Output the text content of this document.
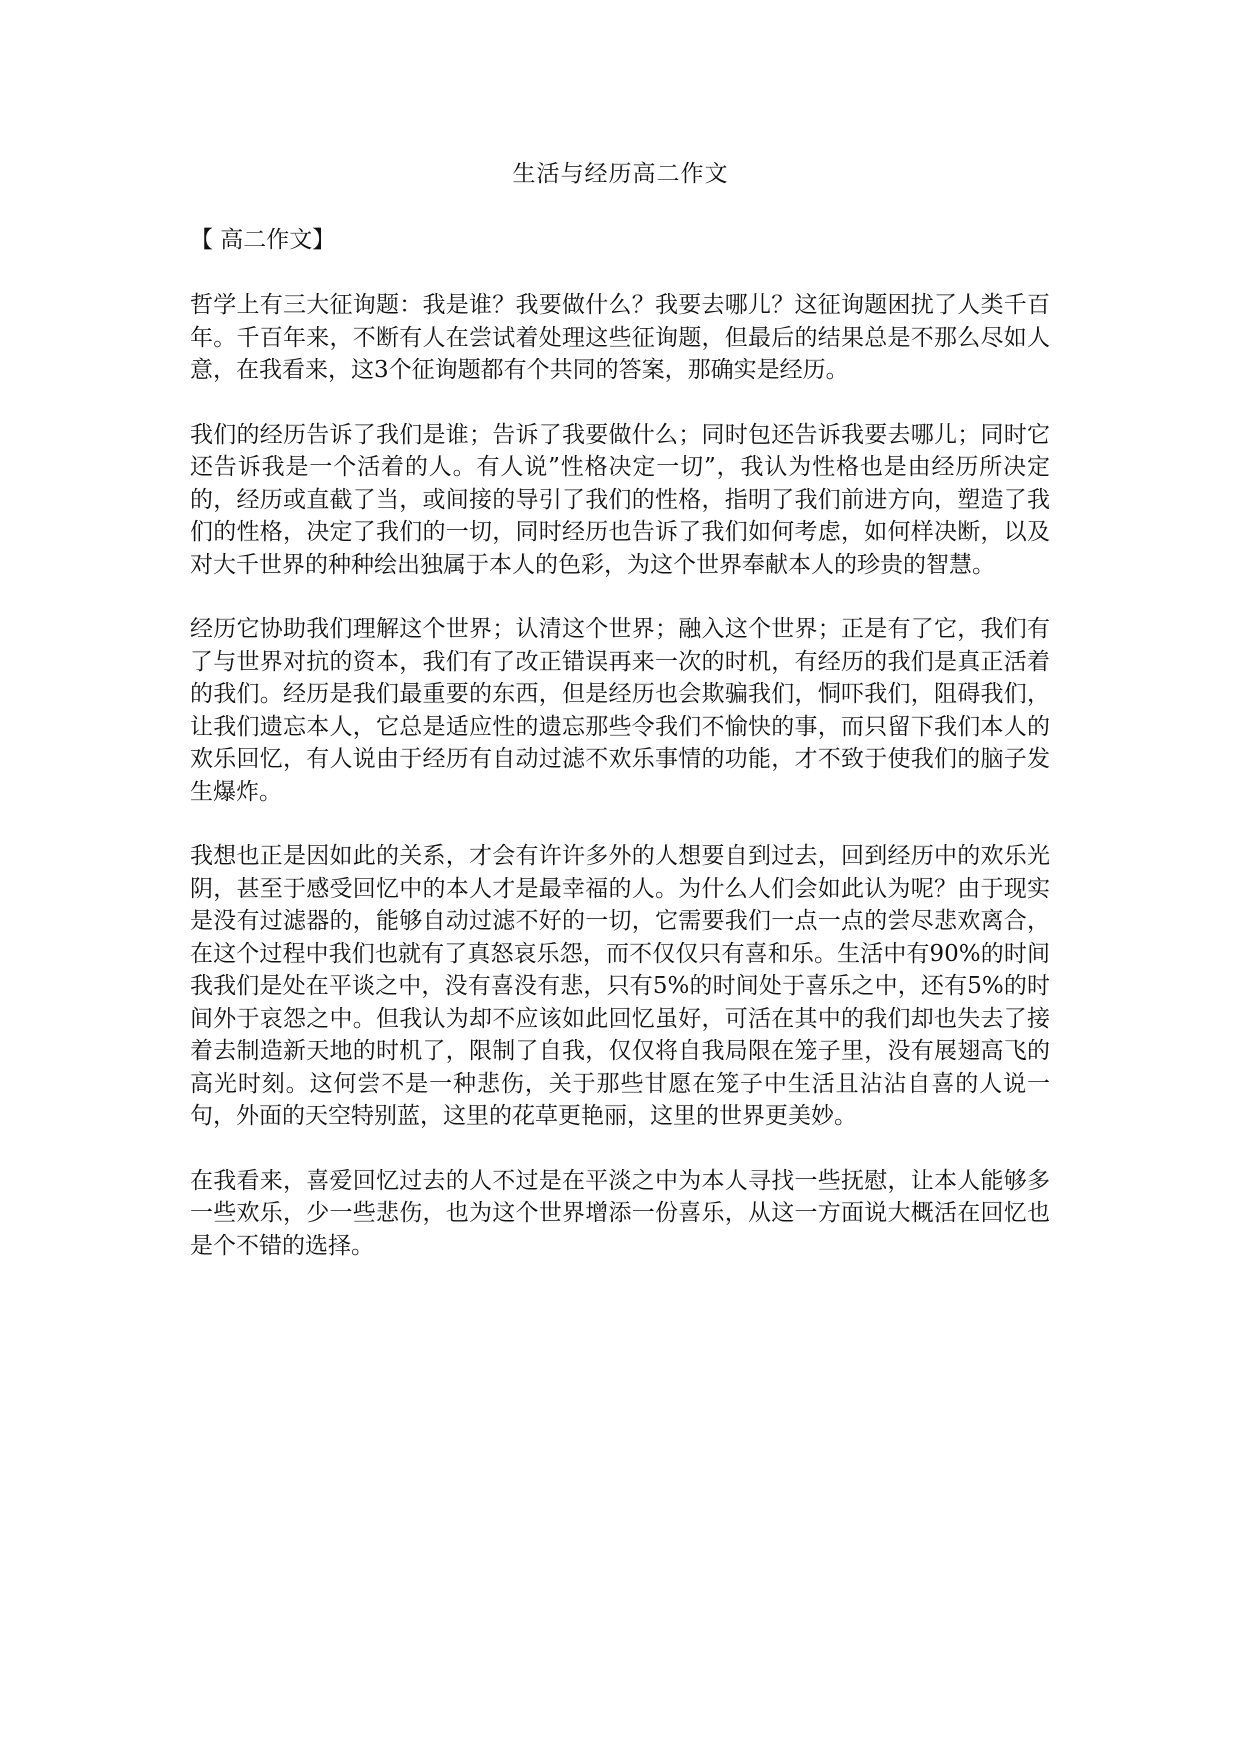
生活与经历高二作文
【 高二作文】

哲学上有三大征询题：我是谁？我要做什么？我要去哪儿？这征询题困扰了人类千百年。千百年来，不断有人在尝试着处理这些征询题，但最后的结果总是不那么尽如人意，在我看来，这3个征询题都有个共同的答案，那确实是经历。

我们的经历告诉了我们是谁；告诉了我要做什么；同时包还告诉我要去哪儿；同时它还告诉我是一个活着的人。有人说”性格决定一切”，我认为性格也是由经历所决定的，经历或直截了当，或间接的导引了我们的性格，指明了我们前进方向，塑造了我们的性格，决定了我们的一切，同时经历也告诉了我们如何考虑，如何样决断，以及对大千世界的种种绘出独属于本人的色彩，为这个世界奉献本人的珍贵的智慧。

经历它协助我们理解这个世界；认清这个世界；融入这个世界；正是有了它，我们有了与世界对抗的资本，我们有了改正错误再来一次的时机，有经历的我们是真正活着的我们。经历是我们最重要的东西，但是经历也会欺骗我们，恫吓我们，阻碍我们，让我们遗忘本人，它总是适应性的遗忘那些令我们不愉快的事，而只留下我们本人的欢乐回忆，有人说由于经历有自动过滤不欢乐事情的功能，才不致于使我们的脑子发生爆炸。

我想也正是因如此的关系，才会有许许多外的人想要自到过去，回到经历中的欢乐光阴，甚至于感受回忆中的本人才是最幸福的人。为什么人们会如此认为呢？由于现实是没有过滤器的，能够自动过滤不好的一切，它需要我们一点一点的尝尽悲欢离合，在这个过程中我们也就有了真怒哀乐怨，而不仅仅只有喜和乐。生活中有90%的时间我我们是处在平谈之中，没有喜没有悲，只有5%的时间处于喜乐之中，还有5%的时间外于哀怨之中。但我认为却不应该如此回忆虽好，可活在其中的我们却也失去了接着去制造新天地的时机了，限制了自我，仅仅将自我局限在笼子里，没有展翅高飞的高光时刻。这何尝不是一种悲伤，关于那些甘愿在笼子中生活且沾沾自喜的人说一句，外面的天空特别蓝，这里的花草更艳丽，这里的世界更美妙。

在我看来，喜爱回忆过去的人不过是在平淡之中为本人寻找一些抚慰，让本人能够多一些欢乐，少一些悲伤，也为这个世界增添一份喜乐，从这一方面说大概活在回忆也是个不错的选择。
